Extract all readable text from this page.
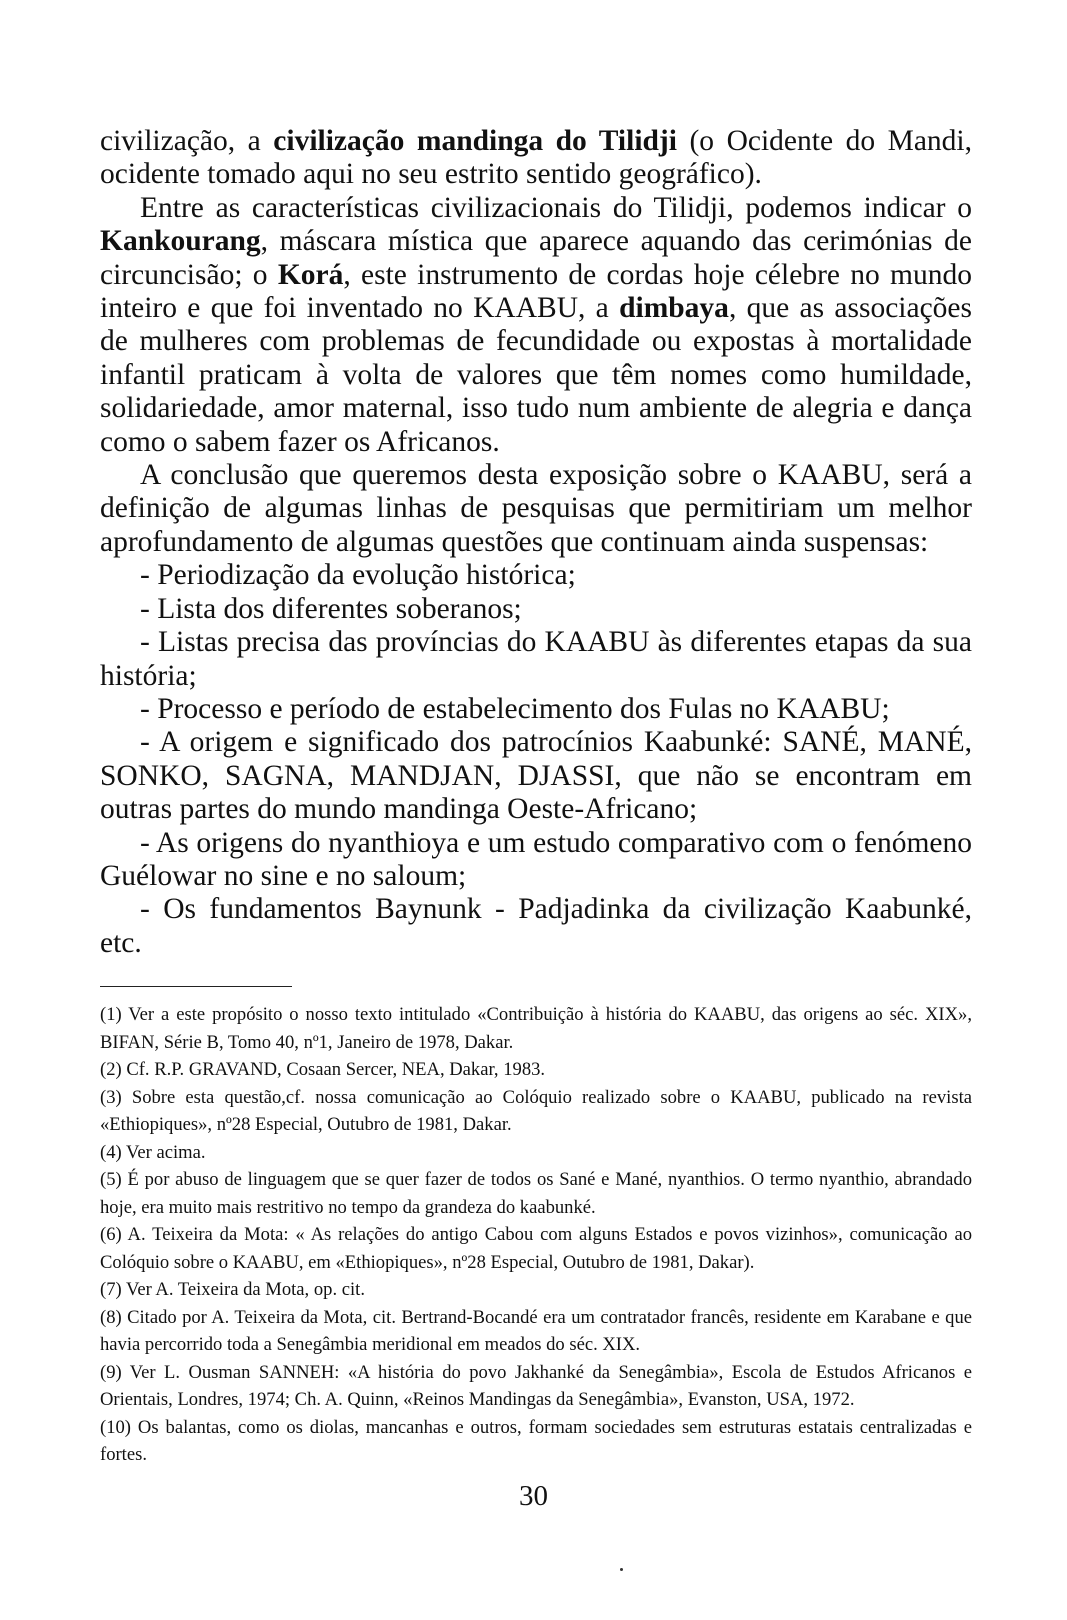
civilização, a civilização mandinga do Tilidji (o Ocidente do Mandi, ocidente tomado aqui no seu estrito sentido geográfico).

Entre as características civilizacionais do Tilidji, podemos indicar o Kankourang, máscara mística que aparece aquando das cerimónias de circuncisão; o Korá, este instrumento de cordas hoje célebre no mundo inteiro e que foi inventado no KAABU, a dimbaya, que as associações de mulheres com problemas de fecundidade ou expostas à mortalidade infantil praticam à volta de valores que têm nomes como humildade, solidariedade, amor maternal, isso tudo num ambiente de alegria e dança como o sabem fazer os Africanos.

A conclusão que queremos desta exposição sobre o KAABU, será a definição de algumas linhas de pesquisas que permitiriam um melhor aprofundamento de algumas questões que continuam ainda suspensas:

- Periodização da evolução histórica;

- Lista dos diferentes soberanos;

- Listas precisa das províncias do KAABU às diferentes etapas da sua história;

- Processo e período de estabelecimento dos Fulas no KAABU;

- A origem e significado dos patrocínios Kaabunké: SANÉ, MANÉ, SONKO, SAGNA, MANDJAN, DJASSI, que não se encontram em outras partes do mundo mandinga Oeste-Africano;

- As origens do nyanthioya e um estudo comparativo com o fenómeno Guélowar no sine e no saloum;

- Os fundamentos Baynunk - Padjadinka da civilização Kaabunké, etc.

(1) Ver a este propósito o nosso texto intitulado «Contribuição à história do KAABU, das origens ao séc. XIX», BIFAN, Série B, Tomo 40, nº1, Janeiro de 1978, Dakar.

(2) Cf. R.P. GRAVAND, Cosaan Sercer, NEA, Dakar, 1983.

(3) Sobre esta questão,cf. nossa comunicação ao Colóquio realizado sobre o KAABU, publicado na revista «Ethiopiques», nº28 Especial, Outubro de 1981, Dakar.

(4) Ver acima.

(5) É por abuso de linguagem que se quer fazer de todos os Sané e Mané, nyanthios. O termo nyanthio, abrandado hoje, era muito mais restritivo no tempo da grandeza do kaabunké.

(6) A. Teixeira da Mota: « As relações do antigo Cabou com alguns Estados e povos vizinhos», comunicação ao Colóquio sobre o KAABU, em «Ethiopiques», nº28 Especial, Outubro de 1981, Dakar).

(7) Ver A. Teixeira da Mota, op. cit.

(8) Citado por A. Teixeira da Mota, cit. Bertrand-Bocandé era um contratador francês, residente em Karabane e que havia percorrido toda a Senegâmbia meridional em meados do séc. XIX.

(9) Ver L. Ousman SANNEH: «A história do povo Jakhanké da Senegâmbia», Escola de Estudos Africanos e Orientais, Londres, 1974; Ch. A. Quinn, «Reinos Mandingas da Senegâmbia», Evanston, USA, 1972.

(10) Os balantas, como os diolas, mancanhas e outros, formam sociedades sem estruturas estatais centralizadas e fortes.

30
